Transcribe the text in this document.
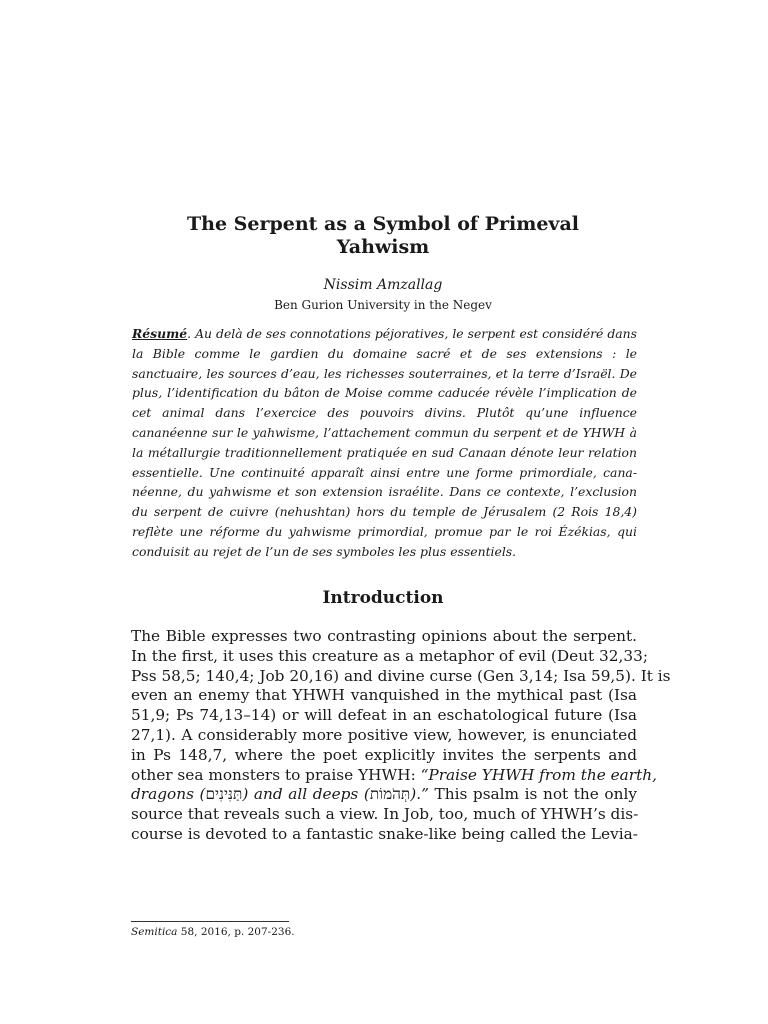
The Serpent as a Symbol of Primeval
Yahwism
Nissim Amzallag
Ben Gurion University in the Negev

Résumé. Au delà de ses connotations péjoratives, le serpent est considéré dans la Bible comme le gardien du domaine sacré et de ses extensions : le sanctuaire, les sources d’eau, les richesses souterraines, et la terre d’Israël. De plus, l’identification du bâton de Moise comme caducée révèle l’implication de cet animal dans l’exercice des pouvoirs divins. Plutôt qu’une influence cananéenne sur le yahwisme, l’attachement commun du serpent et de YHWH à la métallurgie traditionnellement pratiquée en sud Canaan dénote leur relation essentielle. Une continuité apparaît ainsi entre une forme primordiale, cananéenne, du yahwisme et son extension israélite. Dans ce contexte, l’exclusion du serpent de cuivre (nehushtan) hors du temple de Jérusalem (2 Rois 18,4) reflète une réforme du yahwisme primordial, promue par le roi Ézékias, qui conduisit au rejet de l’un de ses symboles les plus essentiels.

Introduction
The Bible expresses two contrasting opinions about the serpent.
In the first, it uses this creature as a metaphor of evil (Deut 32,33;
Pss 58,5; 140,4; Job 20,16) and divine curse (Gen 3,14; Isa 59,5). It is
even an enemy that YHWH vanquished in the mythical past (Isa
51,9; Ps 74,13–14) or will defeat in an eschatological future (Isa
27,1). A considerably more positive view, however, is enunciated
in Ps 148,7, where the poet explicitly invites the serpents and
other sea monsters to praise YHWH: “Praise YHWH from the earth,
dragons (תַּנִּינִים) and all deeps (תְּהֹמוֹת).” This psalm is not the only
source that reveals such a view. In Job, too, much of YHWH’s dis-
course is devoted to a fantastic snake-like being called the Levia-
Semitica 58, 2016, p. 207-236.
